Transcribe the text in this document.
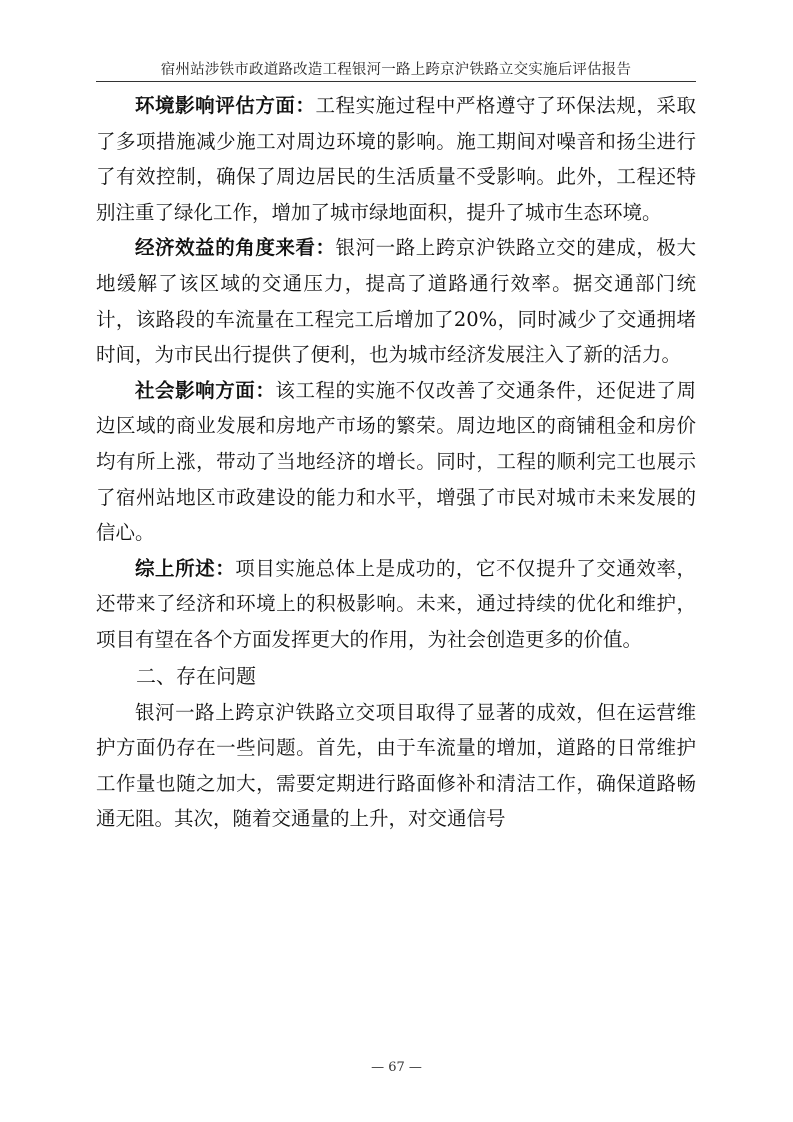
宿州站涉铁市政道路改造工程银河一路上跨京沪铁路立交实施后评估报告

环境影响评估方面：工程实施过程中严格遵守了环保法规，采取了多项措施减少施工对周边环境的影响。施工期间对噪音和扬尘进行了有效控制，确保了周边居民的生活质量不受影响。此外，工程还特别注重了绿化工作，增加了城市绿地面积，提升了城市生态环境。

经济效益的角度来看：银河一路上跨京沪铁路立交的建成，极大地缓解了该区域的交通压力，提高了道路通行效率。据交通部门统计，该路段的车流量在工程完工后增加了20%，同时减少了交通拥堵时间，为市民出行提供了便利，也为城市经济发展注入了新的活力。

社会影响方面：该工程的实施不仅改善了交通条件，还促进了周边区域的商业发展和房地产市场的繁荣。周边地区的商铺租金和房价均有所上涨，带动了当地经济的增长。同时，工程的顺利完工也展示了宿州站地区市政建设的能力和水平，增强了市民对城市未来发展的信心。

综上所述：项目实施总体上是成功的，它不仅提升了交通效率，还带来了经济和环境上的积极影响。未来，通过持续的优化和维护，项目有望在各个方面发挥更大的作用，为社会创造更多的价值。

二、存在问题

银河一路上跨京沪铁路立交项目取得了显著的成效，但在运营维护方面仍存在一些问题。首先，由于车流量的增加，道路的日常维护工作量也随之加大，需要定期进行路面修补和清洁工作，确保道路畅通无阻。其次，随着交通量的上升，对交通信号

— 67 —
